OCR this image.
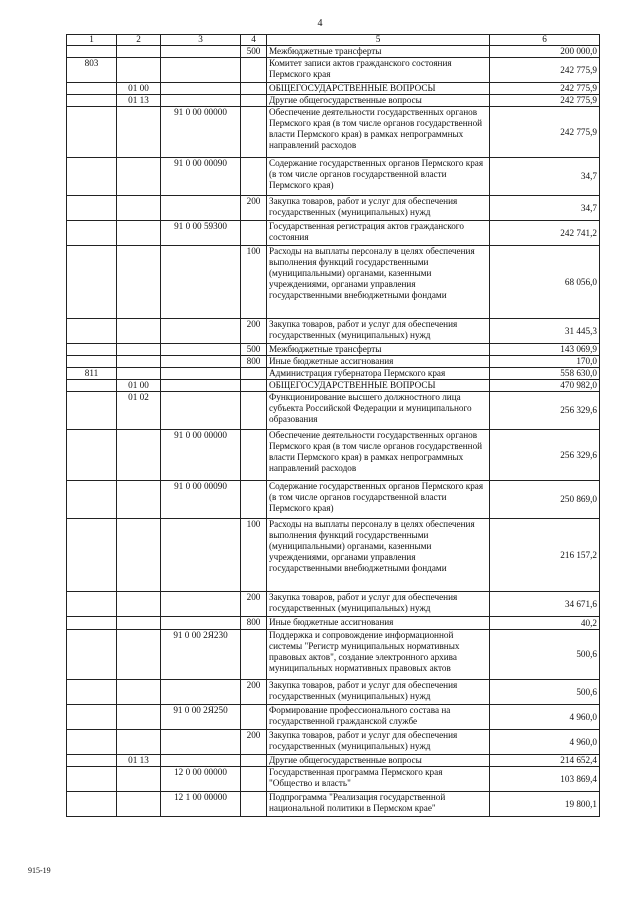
4
1	2	3	4	5	6
			500	Межбюджетные трансферты	200 000,0
803				Комитет записи актов гражданского состояния Пермского края	242 775,9
	01 00			ОБЩЕГОСУДАРСТВЕННЫЕ ВОПРОСЫ	242 775,9
	01 13			Другие общегосударственные вопросы	242 775,9
		91 0 00 00000		Обеспечение деятельности государственных органов Пермского края (в том числе органов государственной власти Пермского края) в рамках непрограммных направлений расходов	242 775,9
		91 0 00 00090		Содержание государственных органов Пермского края (в том числе органов государственной власти Пермского края)	34,7
			200	Закупка товаров, работ и услуг для обеспечения государственных (муниципальных) нужд	34,7
		91 0 00 59300		Государственная регистрация актов гражданского состояния	242 741,2
			100	Расходы на выплаты персоналу в целях обеспечения выполнения функций государственными (муниципальными) органами, казенными учреждениями, органами управления государственными внебюджетными фондами	68 056,0
			200	Закупка товаров, работ и услуг для обеспечения государственных (муниципальных) нужд	31 445,3
			500	Межбюджетные трансферты	143 069,9
			800	Иные бюджетные ассигнования	170,0
811				Администрация губернатора Пермского края	558 630,0
	01 00			ОБЩЕГОСУДАРСТВЕННЫЕ ВОПРОСЫ	470 982,0
	01 02			Функционирование высшего должностного лица субъекта Российской Федерации и муниципального образования	256 329,6
		91 0 00 00000		Обеспечение деятельности государственных органов Пермского края (в том числе органов государственной власти Пермского края) в рамках непрограммных направлений расходов	256 329,6
		91 0 00 00090		Содержание государственных органов Пермского края (в том числе органов государственной власти Пермского края)	250 869,0
			100	Расходы на выплаты персоналу в целях обеспечения выполнения функций государственными (муниципальными) органами, казенными учреждениями, органами управления государственными внебюджетными фондами	216 157,2
			200	Закупка товаров, работ и услуг для обеспечения государственных (муниципальных) нужд	34 671,6
			800	Иные бюджетные ассигнования	40,2
		91 0 00 2Я230		Поддержка и сопровождение информационной системы "Регистр муниципальных нормативных правовых актов", создание электронного архива муниципальных нормативных правовых актов	500,6
			200	Закупка товаров, работ и услуг для обеспечения государственных (муниципальных) нужд	500,6
		91 0 00 2Я250		Формирование профессионального состава на государственной гражданской службе	4 960,0
			200	Закупка товаров, работ и услуг для обеспечения государственных (муниципальных) нужд	4 960,0
	01 13			Другие общегосударственные вопросы	214 652,4
		12 0 00 00000		Государственная программа Пермского края "Общество и власть"	103 869,4
		12 1 00 00000		Подпрограмма "Реализация государственной национальной политики в Пермском крае"	19 800,1
915-19
